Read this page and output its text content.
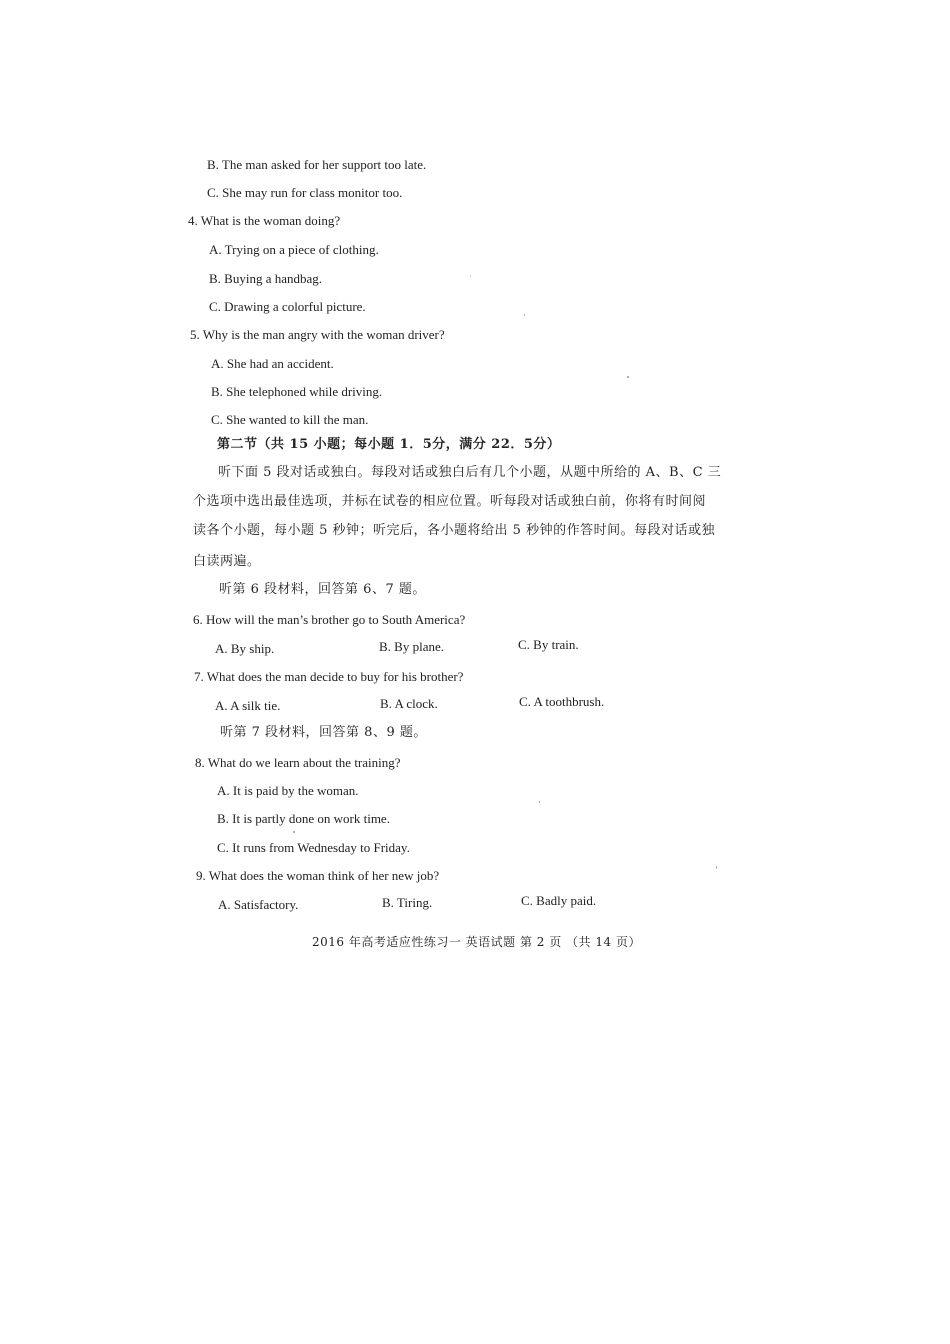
B. The man asked for her support too late.
C. She may run for class monitor too.
4. What is the woman doing?
A. Trying on a piece of clothing.
B. Buying a handbag.
C. Drawing a colorful picture.
5. Why is the man angry with the woman driver?
A. She had an accident.
B. She telephoned while driving.
C. She wanted to kill the man.
第二节（共 15 小题；每小题 1．5分，满分 22．5分）
听下面 5 段对话或独白。每段对话或独白后有几个小题，从题中所给的 A、B、C 三
个选项中选出最佳选项，并标在试卷的相应位置。听每段对话或独白前，你将有时间阅
读各个小题，每小题 5 秒钟；听完后，各小题将给出 5 秒钟的作答时间。每段对话或独
白读两遍。
听第 6 段材料，回答第 6、7 题。
6. How will the man’s brother go to South America?
A. By ship.	B. By plane.	C. By train.
7. What does the man decide to buy for his brother?
A. A silk tie.	B. A clock.	C. A toothbrush.
听第 7 段材料，回答第 8、9 题。
8. What do we learn about the training?
A. It is paid by the woman.
B. It is partly done on work time.
C. It runs from Wednesday to Friday.
9. What does the woman think of her new job?
A. Satisfactory.	B. Tiring.	C. Badly paid.
2016 年高考适应性练习一 英语试题 第 2 页 （共 14 页）
